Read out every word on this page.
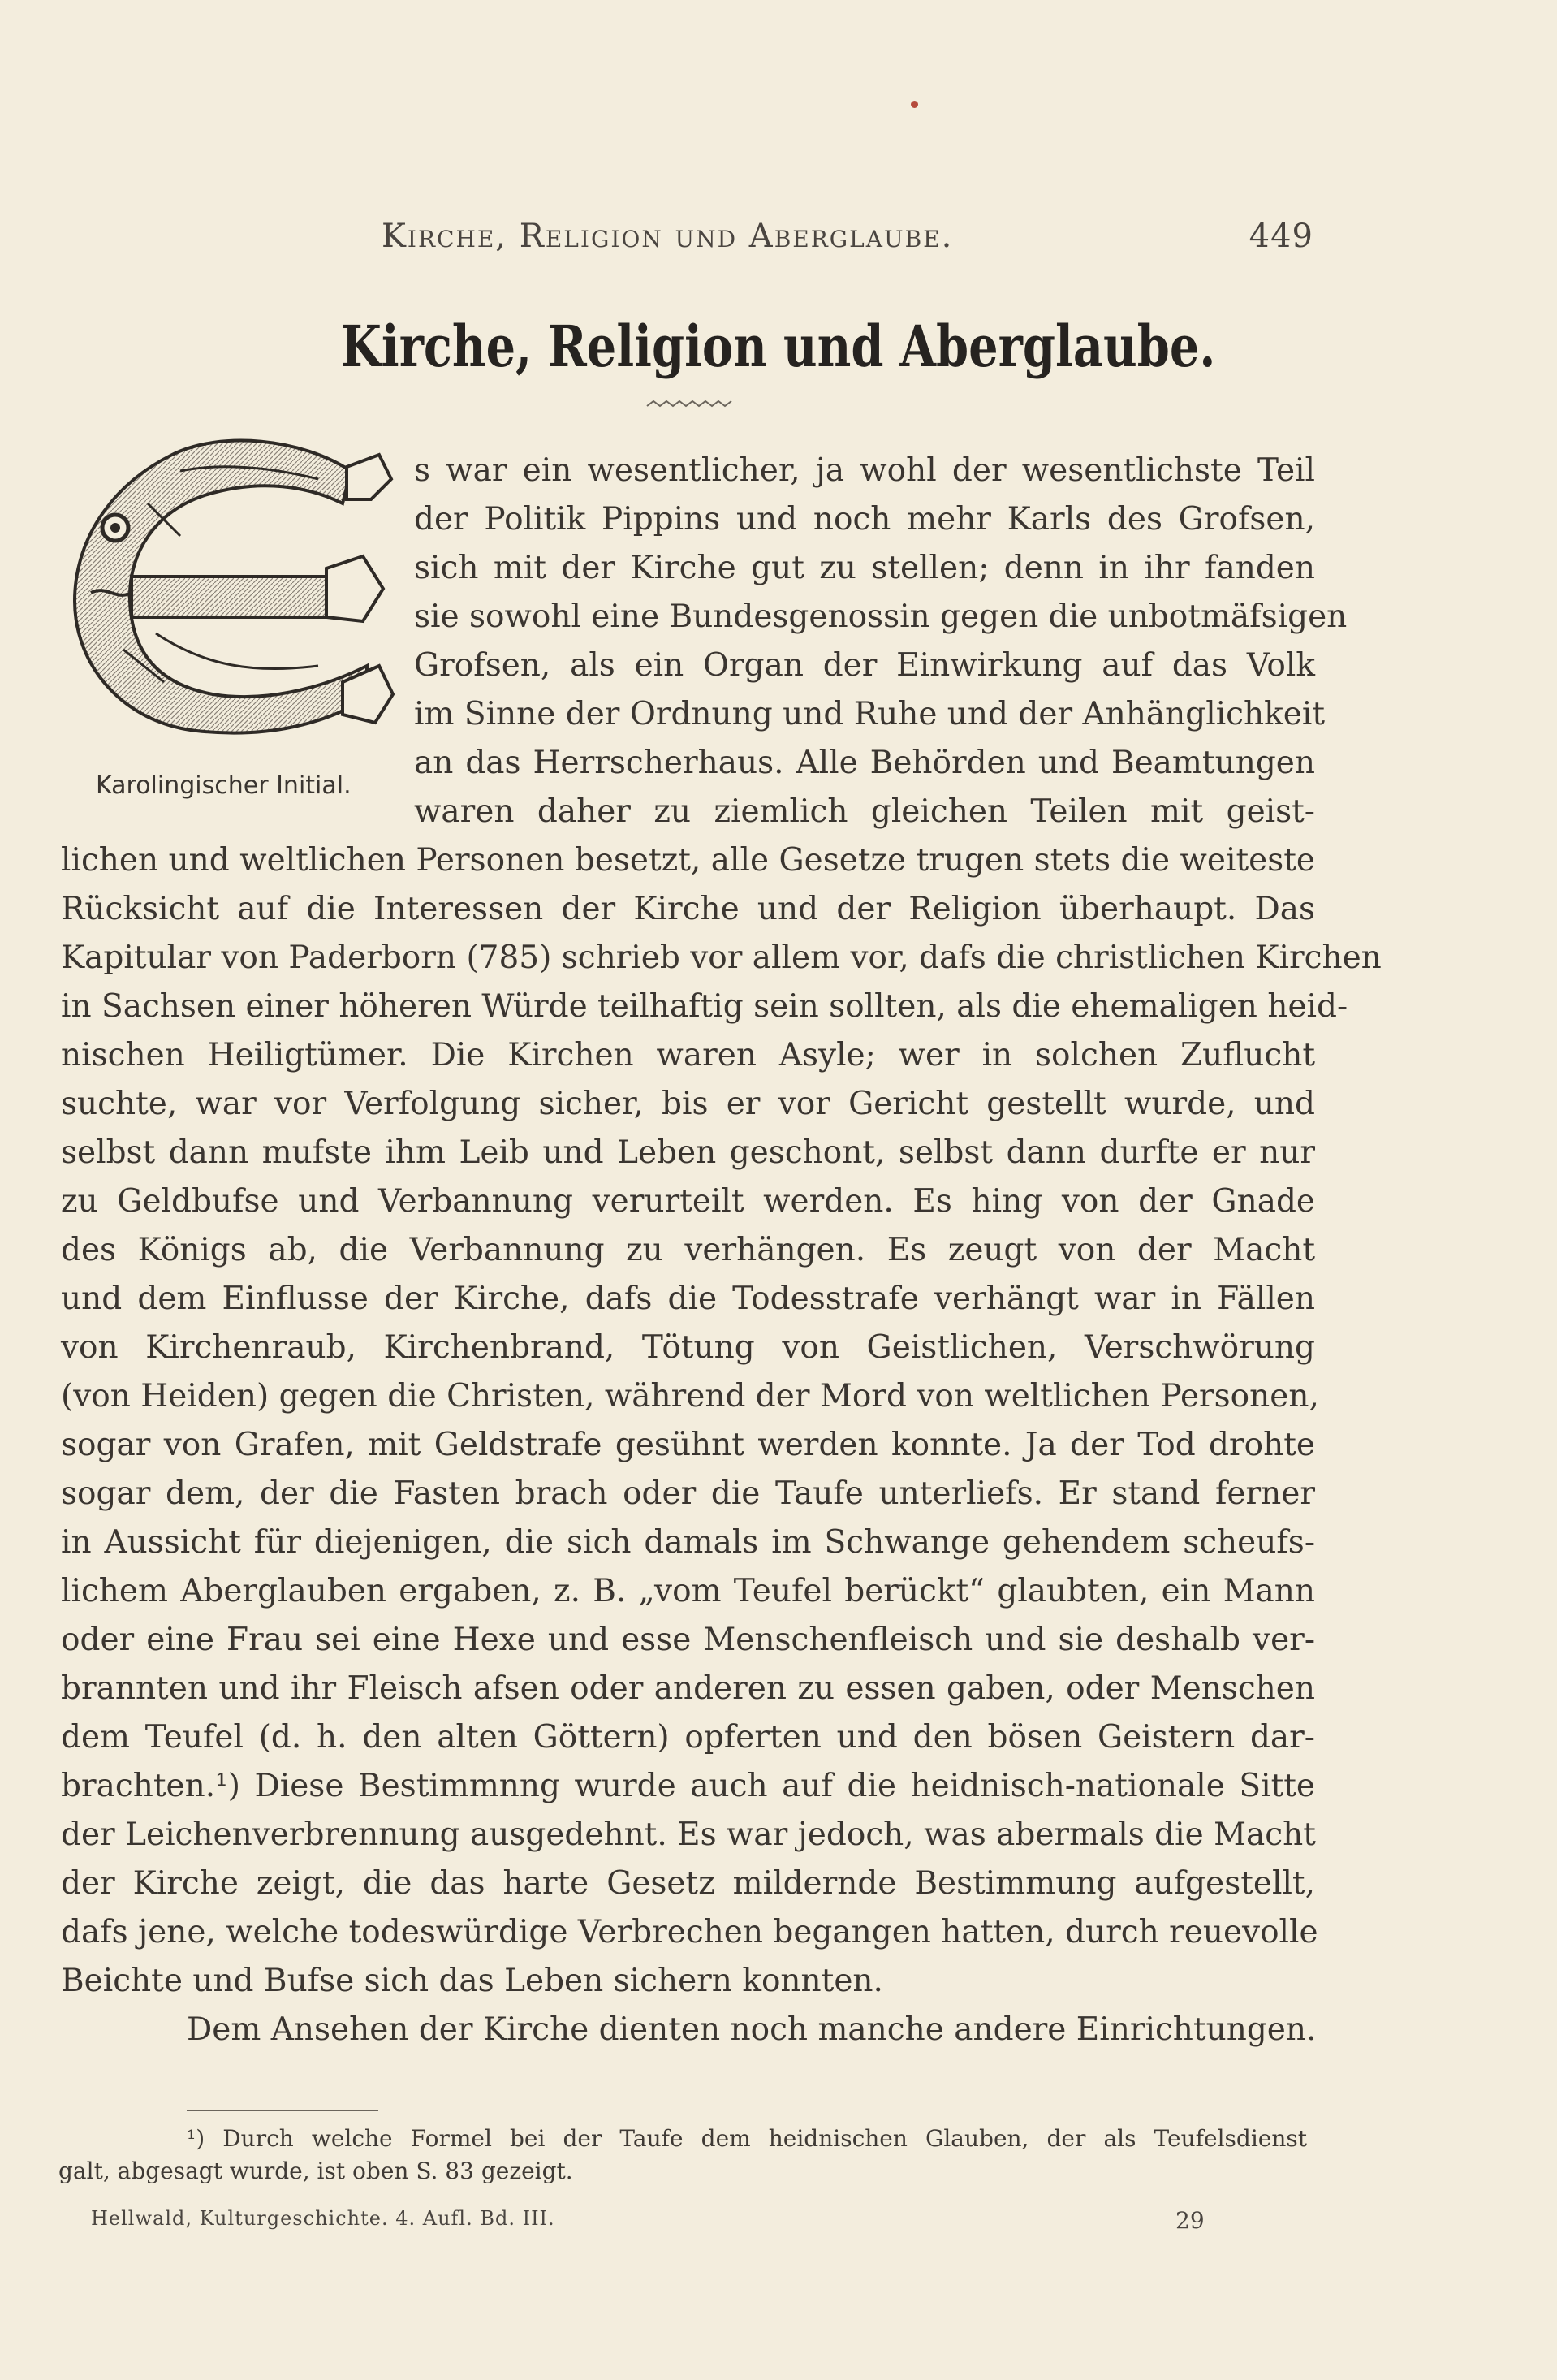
Kirche, Religion und Aberglaube.	449
Kirche, Religion und Aberglaube.
Karolingischer Initial.
s war ein wesentlicher, ja wohl der wesentlichste Teil
der Politik Pippins und noch mehr Karls des Grofsen,
sich mit der Kirche gut zu stellen; denn in ihr fanden
sie sowohl eine Bundesgenossin gegen die unbotmäfsigen
Grofsen, als ein Organ der Einwirkung auf das Volk
im Sinne der Ordnung und Ruhe und der Anhänglichkeit
an das Herrscherhaus. Alle Behörden und Beamtungen
waren daher zu ziemlich gleichen Teilen mit geist-
lichen und weltlichen Personen besetzt, alle Gesetze trugen stets die weiteste
Rücksicht auf die Interessen der Kirche und der Religion überhaupt. Das
Kapitular von Paderborn (785) schrieb vor allem vor, dafs die christlichen Kirchen
in Sachsen einer höheren Würde teilhaftig sein sollten, als die ehemaligen heid-
nischen Heiligtümer. Die Kirchen waren Asyle; wer in solchen Zuflucht
suchte, war vor Verfolgung sicher, bis er vor Gericht gestellt wurde, und
selbst dann mufste ihm Leib und Leben geschont, selbst dann durfte er nur
zu Geldbufse und Verbannung verurteilt werden. Es hing von der Gnade
des Königs ab, die Verbannung zu verhängen. Es zeugt von der Macht
und dem Einflusse der Kirche, dafs die Todesstrafe verhängt war in Fällen
von Kirchenraub, Kirchenbrand, Tötung von Geistlichen, Verschwörung
(von Heiden) gegen die Christen, während der Mord von weltlichen Personen,
sogar von Grafen, mit Geldstrafe gesühnt werden konnte. Ja der Tod drohte
sogar dem, der die Fasten brach oder die Taufe unterliefs. Er stand ferner
in Aussicht für diejenigen, die sich damals im Schwange gehendem scheufs-
lichem Aberglauben ergaben, z. B. „vom Teufel berückt“ glaubten, ein Mann
oder eine Frau sei eine Hexe und esse Menschenfleisch und sie deshalb ver-
brannten und ihr Fleisch afsen oder anderen zu essen gaben, oder Menschen
dem Teufel (d. h. den alten Göttern) opferten und den bösen Geistern dar-
brachten.¹) Diese Bestimmnng wurde auch auf die heidnisch-nationale Sitte
der Leichenverbrennung ausgedehnt. Es war jedoch, was abermals die Macht
der Kirche zeigt, die das harte Gesetz mildernde Bestimmung aufgestellt,
dafs jene, welche todeswürdige Verbrechen begangen hatten, durch reuevolle
Beichte und Bufse sich das Leben sichern konnten.
Dem Ansehen der Kirche dienten noch manche andere Einrichtungen.
¹) Durch welche Formel bei der Taufe dem heidnischen Glauben, der als Teufelsdienst
galt, abgesagt wurde, ist oben S. 83 gezeigt.
Hellwald, Kulturgeschichte. 4. Aufl. Bd. III.	29
